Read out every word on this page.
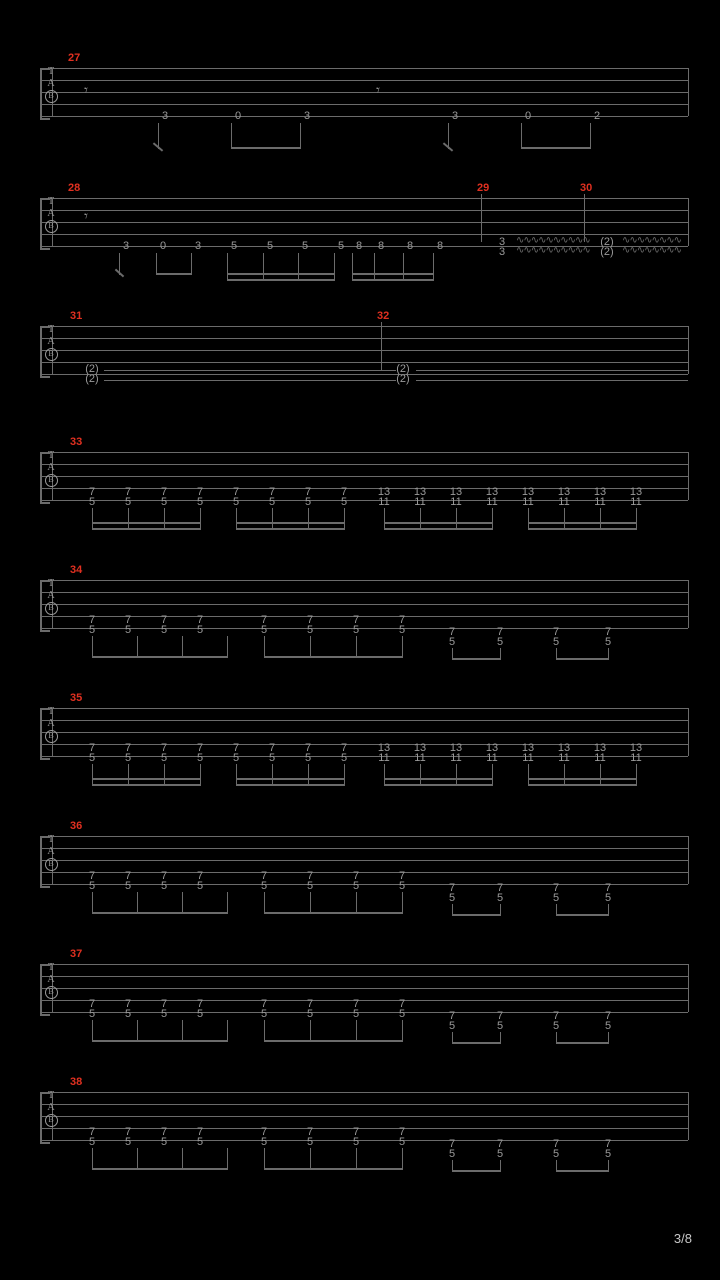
T
A
B
27
𝄾	𝄾
3	0	3	3	0	2
T
A
B
28	29	30
𝄾
3	0	3	5	5	5	5	8	8	8	8	3
3
(2)
(2)
∿∿∿∿∿∿∿∿∿∿
∿∿∿∿∿∿∿∿∿∿
∿∿∿∿∿∿∿∿
∿∿∿∿∿∿∿∿
T
A
B
31	32
(2)
(2)
(2)
(2)
T
A
B
33
7
5
7
5
7
5
7
5
7
5
7
5
7
5
7
5
13
11
13
11
13
11
13
11
13
11
13
11
13
11
13
11
T
A
B
34
7
5
7
5
7
5
7
5
7
5
7
5
7
5
7
5	7
5
7
5
7
5
7
5
T
A
B
35
7
5
7
5
7
5
7
5
7
5
7
5
7
5
7
5
13
11
13
11
13
11
13
11
13
11
13
11
13
11
13
11
T
A
B
36
7
5
7
5
7
5
7
5
7
5
7
5
7
5
7
5	7
5
7
5
7
5
7
5
T
A
B
37
7
5
7
5
7
5
7
5
7
5
7
5
7
5
7
5	7
5
7
5
7
5
7
5
T
A
B
38
7
5
7
5
7
5
7
5
7
5
7
5
7
5
7
5	7
5
7
5
7
5
7
5
3/8
